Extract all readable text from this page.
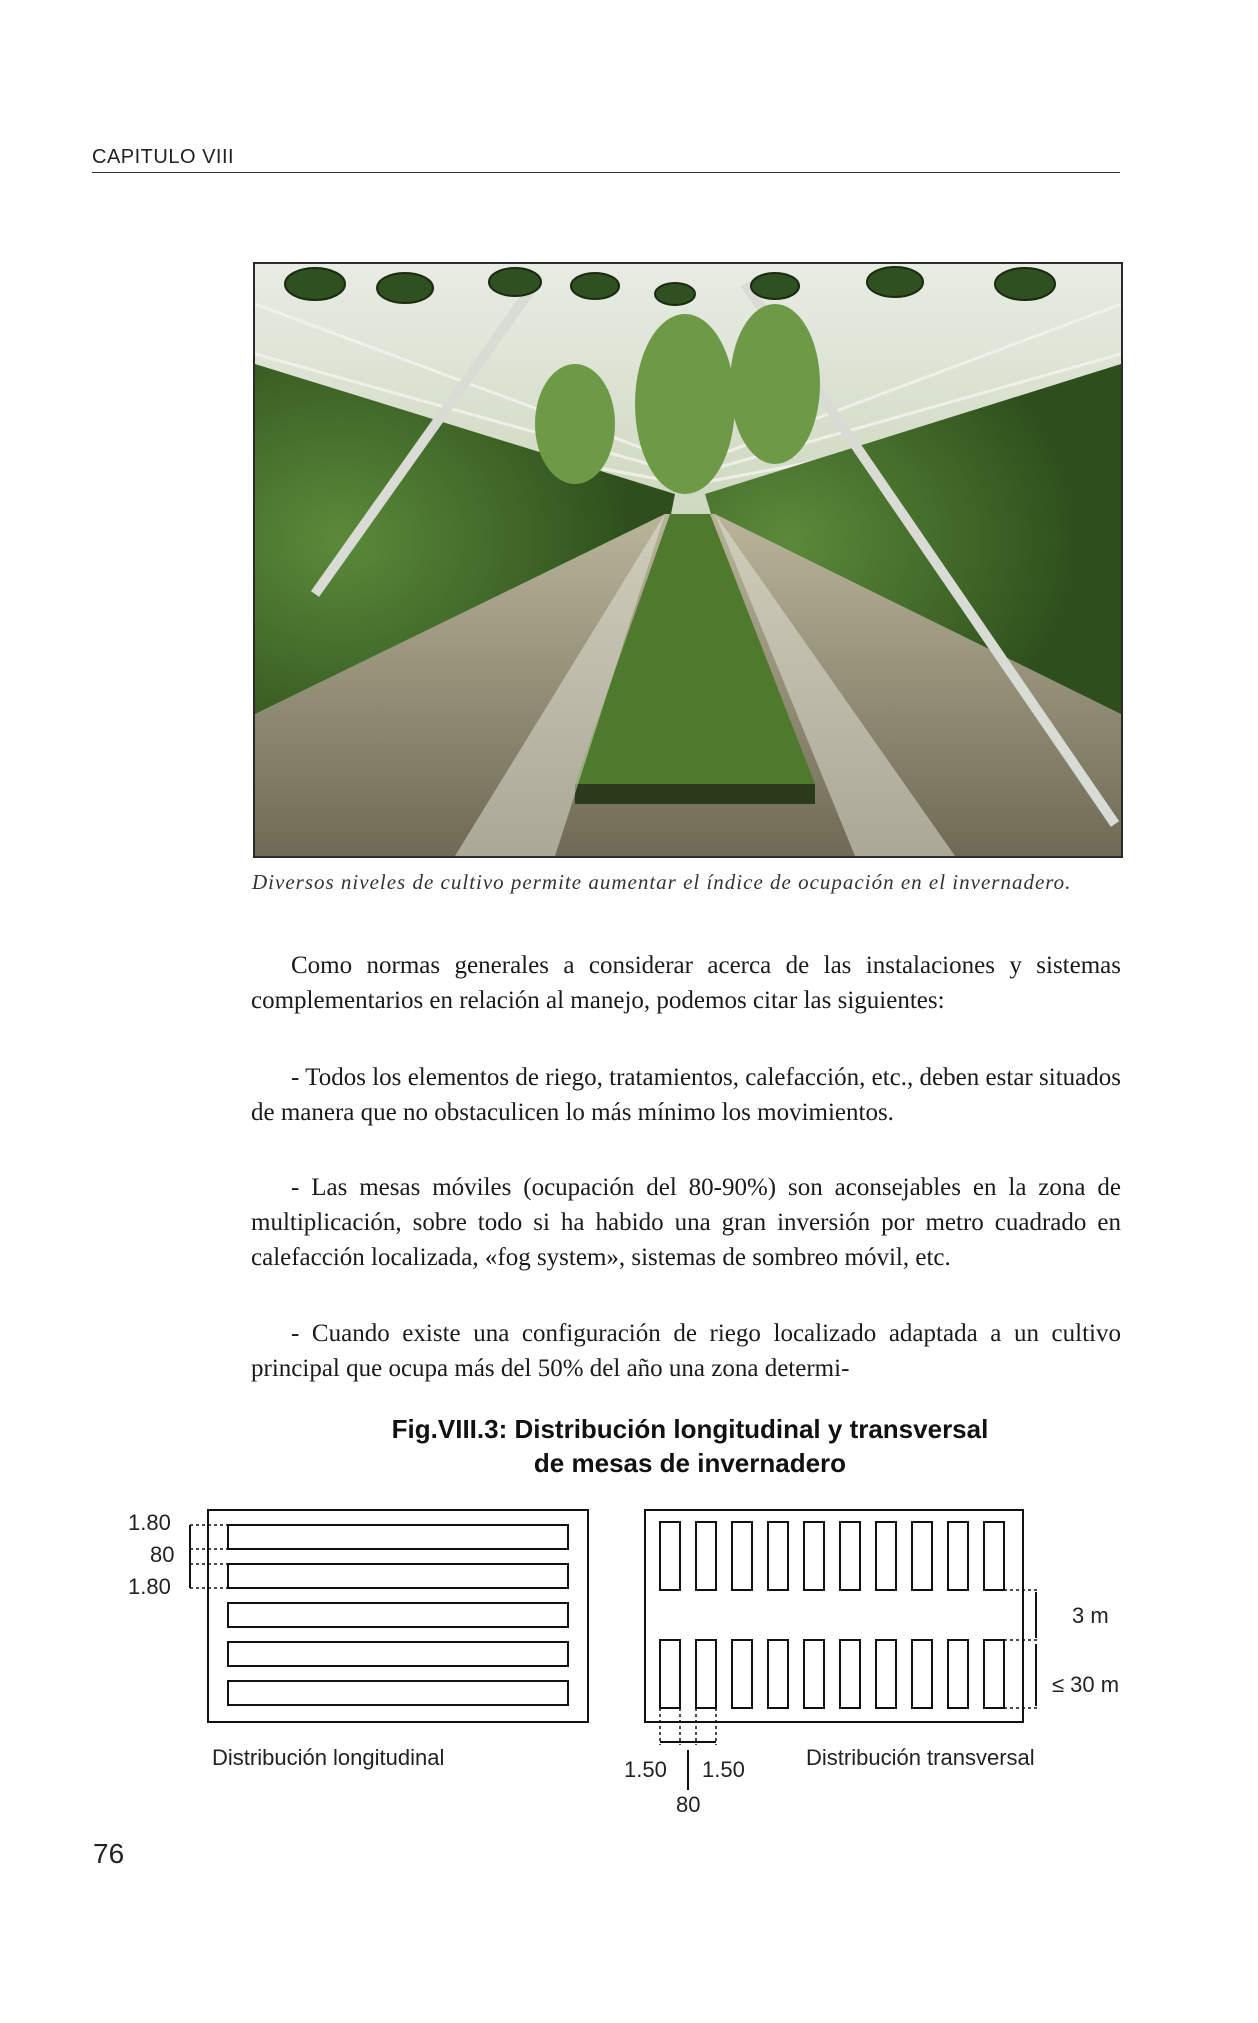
CAPITULO VIII
Diversos niveles de cultivo permite aumentar el índice de ocupación en el invernadero.
Como normas generales a considerar acerca de las instalaciones y sistemas complementarios en relación al manejo, podemos citar las siguientes:
- Todos los elementos de riego, tratamientos, calefacción, etc., deben estar situados de manera que no obstaculicen lo más mínimo los movimientos.
- Las mesas móviles (ocupación del 80-90%) son aconsejables en la zona de multiplicación, sobre todo si ha habido una gran inversión por metro cuadrado en calefacción localizada, «fog system», sistemas de sombreo móvil, etc.
- Cuando existe una configuración de riego localizado adaptada a un cultivo principal que ocupa más del 50% del año una zona determi-
Fig.VIII.3: Distribución longitudinal y transversal
de mesas de invernadero
1.80
80
1.80
Distribución longitudinal
3 m
≤ 30 m
1.50 1.50
80
Distribución transversal
76
